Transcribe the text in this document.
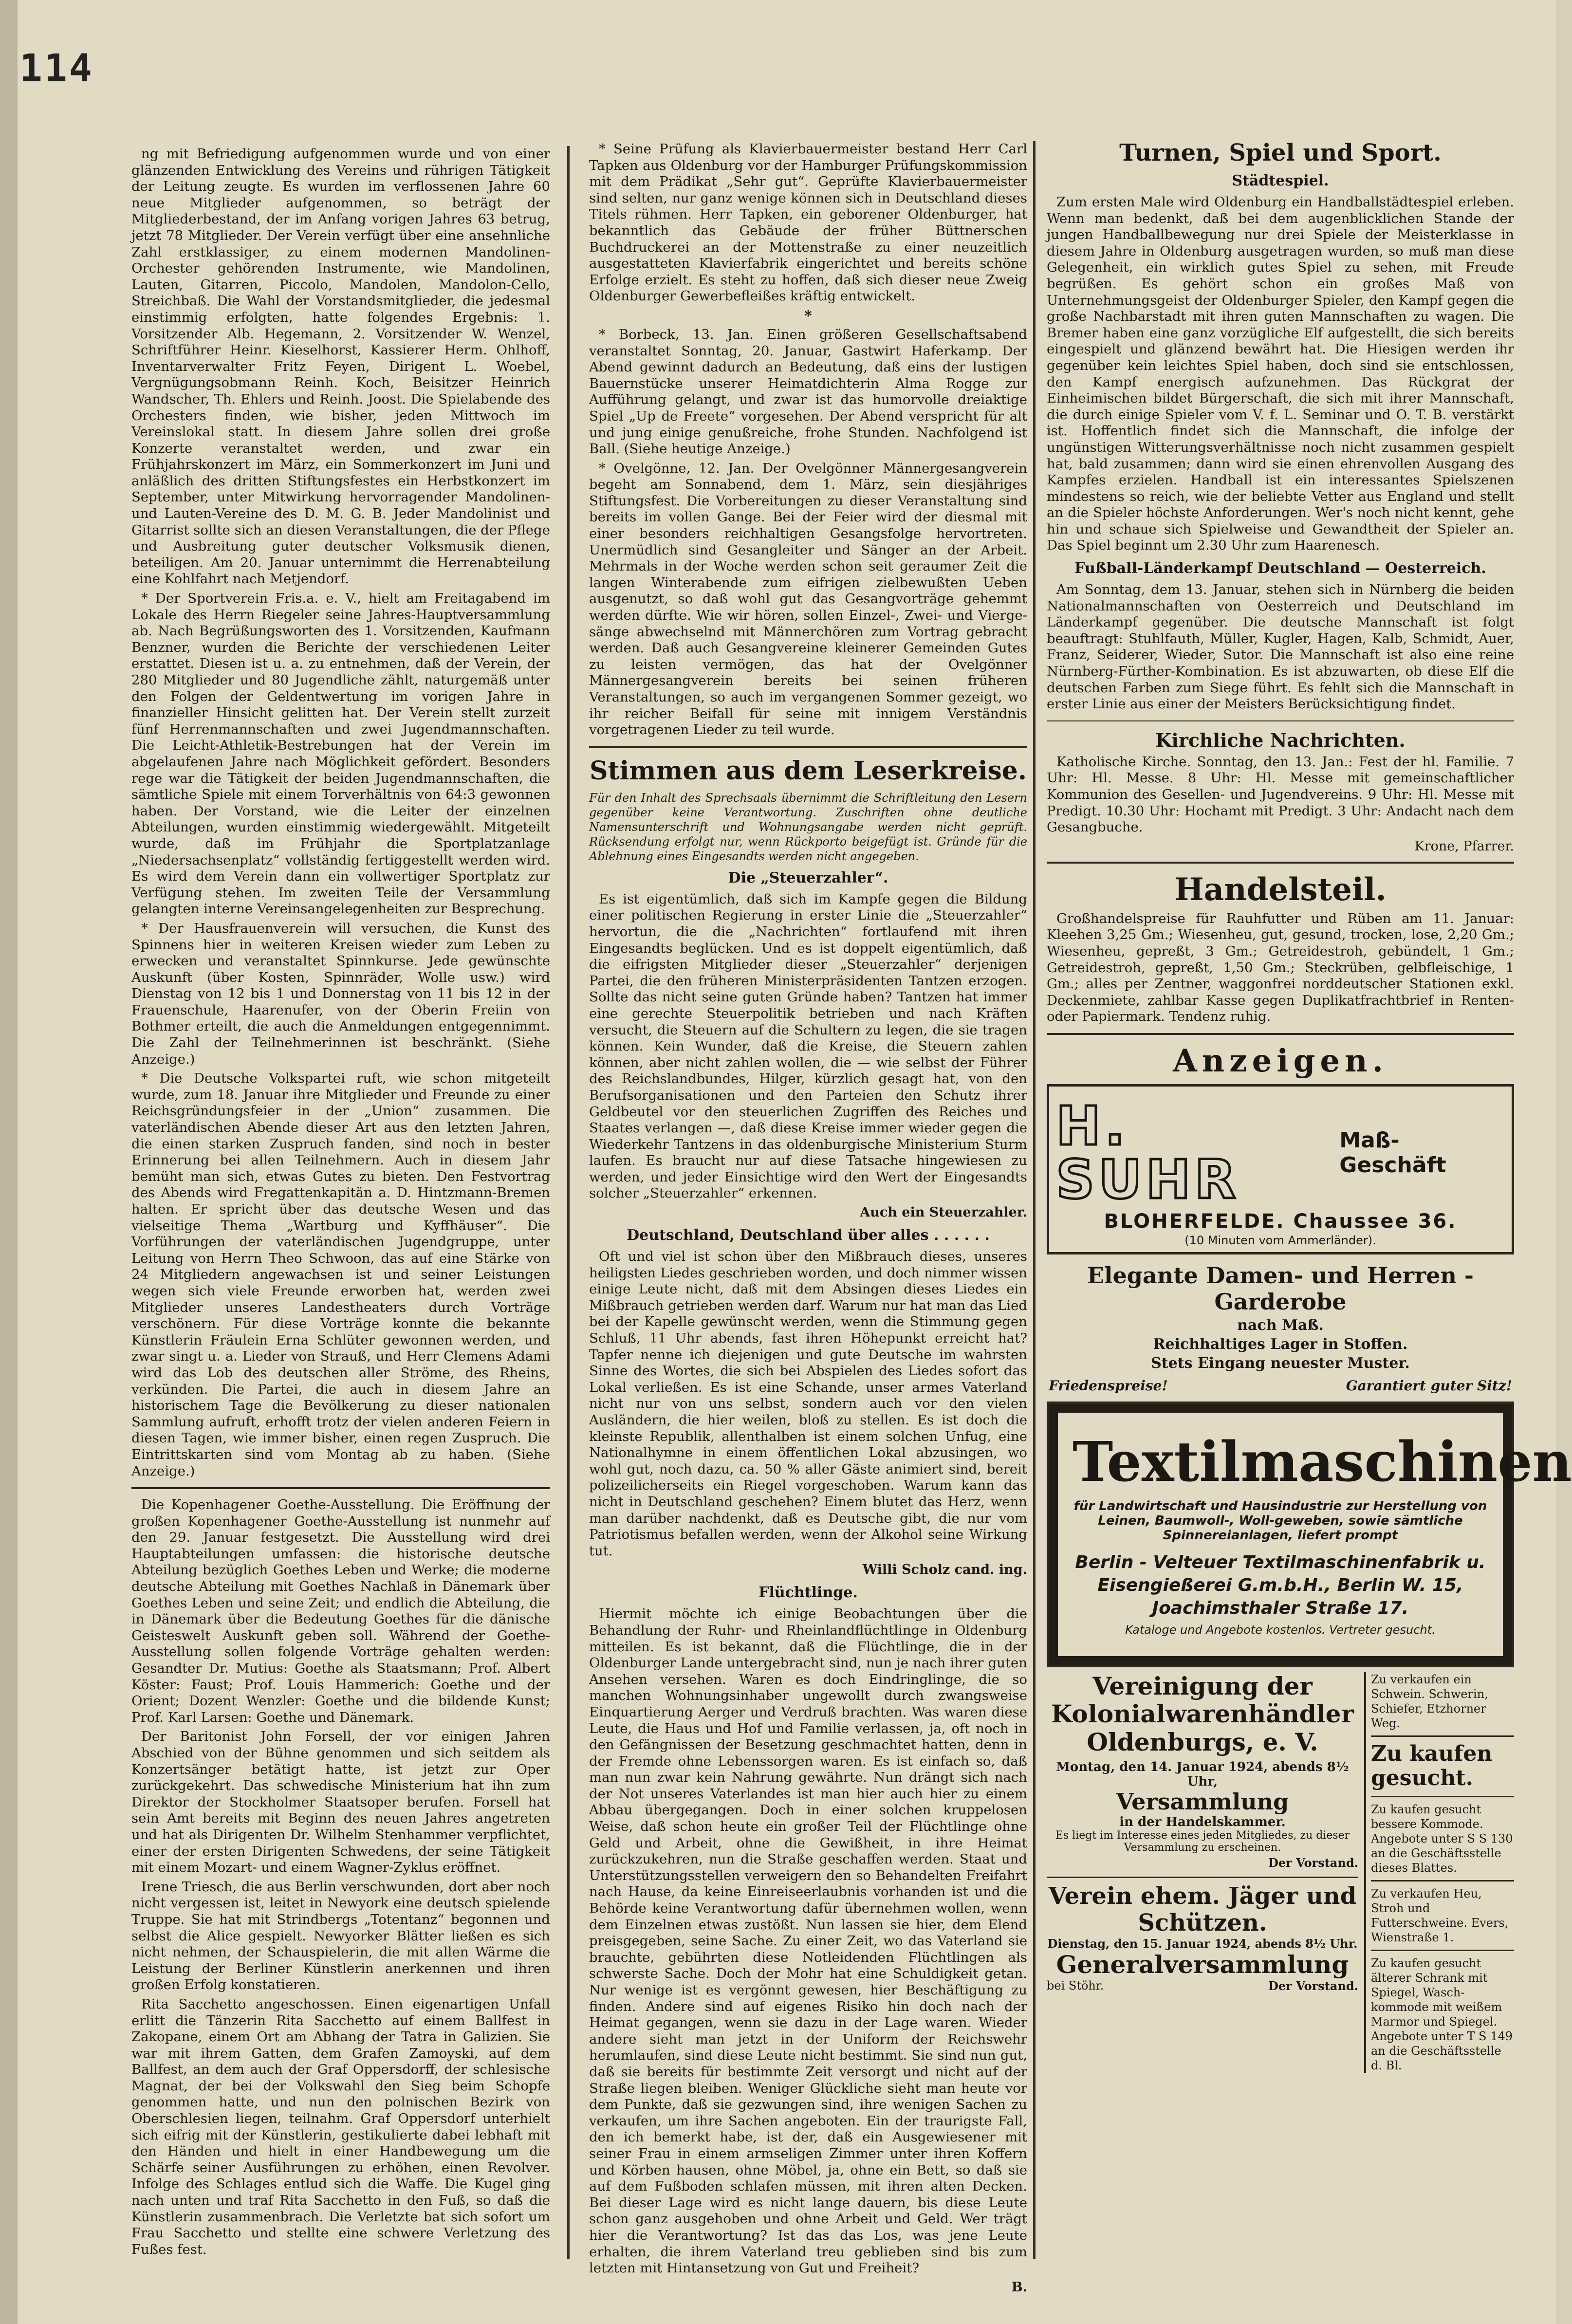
114

ng mit Befriedigung aufgenommen wurde und von einer glänzenden Entwicklung des Vereins und rührigen Tätigkeit der Leitung zeugte. Es wurden im verflossenen Jahre 60 neue Mitglieder aufgenommen, so beträgt der Mitgliederbestand, der im Anfang vorigen Jahres 63 betrug, jetzt 78 Mitglieder. Der Verein verfügt über eine ansehnliche Zahl erstklassiger, zu einem modernen Mandolinen-Orchester gehörenden Instrumente, wie Mandolinen, Lauten, Gitarren, Piccolo, Mandolen, Mandolon-Cello, Streichbaß. Die Wahl der Vorstandsmitglieder, die jedesmal einstimmig erfolgten, hatte folgendes Ergebnis: 1. Vorsitzender Alb. Hegemann, 2. Vorsitzender W. Wenzel, Schriftführer Heinr. Kieselhorst, Kassierer Herm. Ohlhoff, Inventarverwalter Fritz Feyen, Dirigent L. Woebel, Vergnügungsobmann Reinh. Koch, Beisitzer Heinrich Wandscher, Th. Ehlers und Reinh. Joost. Die Spielabende des Orchesters finden, wie bisher, jeden Mittwoch im Vereinslokal statt. In diesem Jahre sollen drei große Konzerte veranstaltet werden, und zwar ein Frühjahrskonzert im März, ein Sommerkonzert im Juni und anläßlich des dritten Stiftungsfestes ein Herbstkonzert im September, unter Mitwirkung hervorragender Mandolinen- und Lauten-Vereine des D. M. G. B. Jeder Mandolinist und Gitarrist sollte sich an diesen Veranstaltungen, die der Pflege und Ausbreitung guter deutscher Volksmusik dienen, beteiligen. Am 20. Januar unternimmt die Herrenabteilung eine Kohlfahrt nach Metjendorf.

* Der Sportverein Fris.a. e. V., hielt am Freitagabend im Lokale des Herrn Riegeler seine Jahres-Hauptversammlung ab. Nach Begrüßungsworten des 1. Vorsitzenden, Kaufmann Benzner, wurden die Berichte der verschiedenen Leiter erstattet. Diesen ist u. a. zu entnehmen, daß der Verein, der 280 Mitglieder und 80 Jugendliche zählt, naturgemäß unter den Folgen der Geldentwertung im vorigen Jahre in finanzieller Hinsicht gelitten hat. Der Verein stellt zurzeit fünf Herrenmannschaften und zwei Jugendmannschaften. Die Leicht-Athletik-Bestrebungen hat der Verein im abgelaufenen Jahre nach Möglichkeit gefördert. Besonders rege war die Tätigkeit der beiden Jugendmannschaften, die sämtliche Spiele mit einem Torverhältnis von 64:3 gewonnen haben. Der Vorstand, wie die Leiter der einzelnen Abteilungen, wurden einstimmig wiedergewählt. Mitgeteilt wurde, daß im Frühjahr die Sportplatzanlage „Niedersachsenplatz“ vollständig fertiggestellt werden wird. Es wird dem Verein dann ein vollwertiger Sportplatz zur Verfügung stehen. Im zweiten Teile der Versammlung gelangten interne Vereinsangelegenheiten zur Besprechung.

* Der Hausfrauenverein will versuchen, die Kunst des Spinnens hier in weiteren Kreisen wieder zum Leben zu erwecken und veranstaltet Spinnkurse. Jede gewünschte Auskunft (über Kosten, Spinnräder, Wolle usw.) wird Dienstag von 12 bis 1 und Donnerstag von 11 bis 12 in der Frauenschule, Haarenufer, von der Oberin Freiin von Bothmer erteilt, die auch die Anmeldungen entgegennimmt. Die Zahl der Teilnehmerinnen ist beschränkt. (Siehe Anzeige.)

* Die Deutsche Volkspartei ruft, wie schon mitgeteilt wurde, zum 18. Januar ihre Mitglieder und Freunde zu einer Reichsgründungsfeier in der „Union“ zusammen. Die vaterländischen Abende dieser Art aus den letzten Jahren, die einen starken Zuspruch fanden, sind noch in bester Erinnerung bei allen Teilnehmern. Auch in diesem Jahr bemüht man sich, etwas Gutes zu bieten. Den Festvortrag des Abends wird Fregattenkapitän a. D. Hintzmann-Bremen halten. Er spricht über das deutsche Wesen und das vielseitige Thema „Wartburg und Kyffhäuser“. Die Vorführungen der vaterländischen Jugendgruppe, unter Leitung von Herrn Theo Schwoon, das auf eine Stärke von 24 Mitgliedern angewachsen ist und seiner Leistungen wegen sich viele Freunde erworben hat, werden zwei Mitglieder unseres Landestheaters durch Vorträge verschönern. Für diese Vorträge konnte die bekannte Künstlerin Fräulein Erna Schlüter gewonnen werden, und zwar singt u. a. Lieder von Strauß, und Herr Clemens Adami wird das Lob des deutschen aller Ströme, des Rheins, verkünden. Die Partei, die auch in diesem Jahre an historischem Tage die Bevölkerung zu dieser nationalen Sammlung aufruft, erhofft trotz der vielen anderen Feiern in diesen Tagen, wie immer bisher, einen regen Zuspruch. Die Eintrittskarten sind vom Montag ab zu haben. (Siehe Anzeige.)

Die Kopenhagener Goethe-Ausstellung. Die Eröffnung der großen Kopenhagener Goethe-Ausstellung ist nunmehr auf den 29. Januar festgesetzt. Die Ausstellung wird drei Hauptabteilungen umfassen: die historische deutsche Abteilung bezüglich Goethes Leben und Werke; die moderne deutsche Abteilung mit Goethes Nachlaß in Dänemark über Goethes Leben und seine Zeit; und endlich die Abteilung, die in Dänemark über die Bedeutung Goethes für die dänische Geisteswelt Auskunft geben soll. Während der Goethe-Ausstellung sollen folgende Vorträge gehalten werden: Gesandter Dr. Mutius: Goethe als Staatsmann; Prof. Albert Köster: Faust; Prof. Louis Hammerich: Goethe und der Orient; Dozent Wenzler: Goethe und die bildende Kunst; Prof. Karl Larsen: Goethe und Dänemark.

Der Baritonist John Forsell, der vor einigen Jahren Abschied von der Bühne genommen und sich seitdem als Konzertsänger betätigt hatte, ist jetzt zur Oper zurückgekehrt. Das schwedische Ministerium hat ihn zum Direktor der Stockholmer Staatsoper berufen. Forsell hat sein Amt bereits mit Beginn des neuen Jahres angetreten und hat als Dirigenten Dr. Wilhelm Stenhammer verpflichtet, einer der ersten Dirigenten Schwedens, der seine Tätigkeit mit einem Mozart- und einem Wagner-Zyklus eröffnet.

Irene Triesch, die aus Berlin verschwunden, dort aber noch nicht vergessen ist, leitet in Newyork eine deutsch spielende Truppe. Sie hat mit Strindbergs „Totentanz“ begonnen und selbst die Alice gespielt. Newyorker Blätter ließen es sich nicht nehmen, der Schauspielerin, die mit allen Wärme die Leistung der Berliner Künstlerin anerkennen und ihren großen Erfolg konstatieren.

Rita Sacchetto angeschossen. Einen eigenartigen Unfall erlitt die Tänzerin Rita Sacchetto auf einem Ballfest in Zakopane, einem Ort am Abhang der Tatra in Galizien. Sie war mit ihrem Gatten, dem Grafen Zamoyski, auf dem Ballfest, an dem auch der Graf Oppersdorff, der schlesische Magnat, der bei der Volkswahl den Sieg beim Schopfe genommen hatte, und nun den polnischen Bezirk von Oberschlesien liegen, teilnahm. Graf Oppersdorf unterhielt sich eifrig mit der Künstlerin, gestikulierte dabei lebhaft mit den Händen und hielt in einer Handbewegung um die Schärfe seiner Ausführungen zu erhöhen, einen Revolver. Infolge des Schlages entlud sich die Waffe. Die Kugel ging nach unten und traf Rita Sacchetto in den Fuß, so daß die Künstlerin zusammenbrach. Die Verletzte bat sich sofort um Frau Sacchetto und stellte eine schwere Verletzung des Fußes fest.

* Seine Prüfung als Klavierbauermeister bestand Herr Carl Tapken aus Oldenburg vor der Hamburger Prüfungskommission mit dem Prädikat „Sehr gut“. Geprüfte Klavierbauermeister sind selten, nur ganz wenige können sich in Deutschland dieses Titels rühmen. Herr Tapken, ein geborener Oldenburger, hat bekanntlich das Gebäude der früher Büttnerschen Buchdruckerei an der Mottenstraße zu einer neuzeitlich ausgestatteten Klavierfabrik eingerichtet und bereits schöne Erfolge erzielt. Es steht zu hoffen, daß sich dieser neue Zweig Oldenburger Gewerbefleißes kräftig entwickelt.

*

* Borbeck, 13. Jan. Einen größeren Gesellschaftsabend veranstaltet Sonntag, 20. Januar, Gastwirt Haferkamp. Der Abend gewinnt dadurch an Bedeutung, daß eins der lustigen Bauernstücke unserer Heimatdichterin Alma Rogge zur Aufführung gelangt, und zwar ist das humorvolle dreiaktige Spiel „Up de Freete“ vorgesehen. Der Abend verspricht für alt und jung einige genußreiche, frohe Stunden. Nachfolgend ist Ball. (Siehe heutige Anzeige.)

* Ovelgönne, 12. Jan. Der Ovelgönner Männergesangverein begeht am Sonnabend, dem 1. März, sein diesjähriges Stiftungsfest. Die Vorbereitungen zu dieser Veranstaltung sind bereits im vollen Gange. Bei der Feier wird der diesmal mit einer besonders reichhaltigen Gesangsfolge hervortreten. Unermüdlich sind Gesangleiter und Sänger an der Arbeit. Mehrmals in der Woche werden schon seit geraumer Zeit die langen Winterabende zum eifrigen zielbewußten Ueben ausgenutzt, so daß wohl gut das Gesangvorträge gehemmt werden dürfte. Wie wir hören, sollen Einzel-, Zwei- und Vierge-sänge abwechselnd mit Männerchören zum Vortrag gebracht werden. Daß auch Gesangvereine kleinerer Gemeinden Gutes zu leisten vermögen, das hat der Ovelgönner Männergesangverein bereits bei seinen früheren Veranstaltungen, so auch im vergangenen Sommer gezeigt, wo ihr reicher Beifall für seine mit innigem Verständnis vorgetragenen Lieder zu teil wurde.

Stimmen aus dem Leserkreise.

Für den Inhalt des Sprechsaals übernimmt die Schriftleitung den Lesern gegenüber keine Verantwortung. Zuschriften ohne deutliche Namensunterschrift und Wohnungsangabe werden nicht geprüft. Rücksendung erfolgt nur, wenn Rückporto beigefügt ist. Gründe für die Ablehnung eines Eingesandts werden nicht angegeben.

Die „Steuerzahler“.

Es ist eigentümlich, daß sich im Kampfe gegen die Bildung einer politischen Regierung in erster Linie die „Steuerzahler“ hervortun, die die „Nachrichten“ fortlaufend mit ihren Eingesandts beglücken. Und es ist doppelt eigentümlich, daß die eifrigsten Mitglieder dieser „Steuerzahler“ derjenigen Partei, die den früheren Ministerpräsidenten Tantzen erzogen. Sollte das nicht seine guten Gründe haben? Tantzen hat immer eine gerechte Steuerpolitik betrieben und nach Kräften versucht, die Steuern auf die Schultern zu legen, die sie tragen können. Kein Wunder, daß die Kreise, die Steuern zahlen können, aber nicht zahlen wollen, die — wie selbst der Führer des Reichslandbundes, Hilger, kürzlich gesagt hat, von den Berufsorganisationen und den Parteien den Schutz ihrer Geldbeutel vor den steuerlichen Zugriffen des Reiches und Staates verlangen —, daß diese Kreise immer wieder gegen die Wiederkehr Tantzens in das oldenburgische Ministerium Sturm laufen. Es braucht nur auf diese Tatsache hingewiesen zu werden, und jeder Einsichtige wird den Wert der Eingesandts solcher „Steuerzahler“ erkennen.

Auch ein Steuerzahler.
Deutschland, Deutschland über alles . . . . . .

Oft und viel ist schon über den Mißbrauch dieses, unseres heiligsten Liedes geschrieben worden, und doch nimmer wissen einige Leute nicht, daß mit dem Absingen dieses Liedes ein Mißbrauch getrieben werden darf. Warum nur hat man das Lied bei der Kapelle gewünscht werden, wenn die Stimmung gegen Schluß, 11 Uhr abends, fast ihren Höhepunkt erreicht hat? Tapfer nenne ich diejenigen und gute Deutsche im wahrsten Sinne des Wortes, die sich bei Abspielen des Liedes sofort das Lokal verließen. Es ist eine Schande, unser armes Vaterland nicht nur von uns selbst, sondern auch vor den vielen Ausländern, die hier weilen, bloß zu stellen. Es ist doch die kleinste Republik, allenthalben ist einem solchen Unfug, eine Nationalhymne in einem öffentlichen Lokal abzusingen, wo wohl gut, noch dazu, ca. 50 % aller Gäste animiert sind, bereit polizeilicherseits ein Riegel vorgeschoben. Warum kann das nicht in Deutschland geschehen? Einem blutet das Herz, wenn man darüber nachdenkt, daß es Deutsche gibt, die nur vom Patriotismus befallen werden, wenn der Alkohol seine Wirkung tut.

Willi Scholz cand. ing.
Flüchtlinge.

Hiermit möchte ich einige Beobachtungen über die Behandlung der Ruhr- und Rheinlandflüchtlinge in Oldenburg mitteilen. Es ist bekannt, daß die Flüchtlinge, die in der Oldenburger Lande untergebracht sind, nun je nach ihrer guten Ansehen versehen. Waren es doch Eindringlinge, die so manchen Wohnungsinhaber ungewollt durch zwangsweise Einquartierung Aerger und Verdruß brachten. Was waren diese Leute, die Haus und Hof und Familie verlassen, ja, oft noch in den Gefängnissen der Besetzung geschmachtet hatten, denn in der Fremde ohne Lebenssorgen waren. Es ist einfach so, daß man nun zwar kein Nahrung gewährte. Nun drängt sich nach der Not unseres Vaterlandes ist man hier auch hier zu einem Abbau übergegangen. Doch in einer solchen kruppelosen Weise, daß schon heute ein großer Teil der Flüchtlinge ohne Geld und Arbeit, ohne die Gewißheit, in ihre Heimat zurückzukehren, nun die Straße geschaffen werden. Staat und Unterstützungsstellen verweigern den so Behandelten Freifahrt nach Hause, da keine Einreiseerlaubnis vorhanden ist und die Behörde keine Verantwortung dafür übernehmen wollen, wenn dem Einzelnen etwas zustößt. Nun lassen sie hier, dem Elend preisgegeben, seine Sache. Zu einer Zeit, wo das Vaterland sie brauchte, gebührten diese Notleidenden Flüchtlingen als schwerste Sache. Doch der Mohr hat eine Schuldigkeit getan. Nur wenige ist es vergönnt gewesen, hier Beschäftigung zu finden. Andere sind auf eigenes Risiko hin doch nach der Heimat gegangen, wenn sie dazu in der Lage waren. Wieder andere sieht man jetzt in der Uniform der Reichswehr herumlaufen, sind diese Leute nicht bestimmt. Sie sind nun gut, daß sie bereits für bestimmte Zeit versorgt und nicht auf der Straße liegen bleiben. Weniger Glückliche sieht man heute vor dem Punkte, daß sie gezwungen sind, ihre wenigen Sachen zu verkaufen, um ihre Sachen angeboten. Ein der traurigste Fall, den ich bemerkt habe, ist der, daß ein Ausgewiesener mit seiner Frau in einem armseligen Zimmer unter ihren Koffern und Körben hausen, ohne Möbel, ja, ohne ein Bett, so daß sie auf dem Fußboden schlafen müssen, mit ihren alten Decken. Bei dieser Lage wird es nicht lange dauern, bis diese Leute schon ganz ausgehoben und ohne Arbeit und Geld. Wer trägt hier die Verantwortung? Ist das das Los, was jene Leute erhalten, die ihrem Vaterland treu geblieben sind bis zum letzten mit Hintansetzung von Gut und Freiheit?

B.
Turnen, Spiel und Sport.
Städtespiel.

Zum ersten Male wird Oldenburg ein Handballstädtespiel erleben. Wenn man bedenkt, daß bei dem augenblicklichen Stande der jungen Handballbewegung nur drei Spiele der Meisterklasse in diesem Jahre in Oldenburg ausgetragen wurden, so muß man diese Gelegenheit, ein wirklich gutes Spiel zu sehen, mit Freude begrüßen. Es gehört schon ein großes Maß von Unternehmungsgeist der Oldenburger Spieler, den Kampf gegen die große Nachbarstadt mit ihren guten Mannschaften zu wagen. Die Bremer haben eine ganz vorzügliche Elf aufgestellt, die sich bereits eingespielt und glänzend bewährt hat. Die Hiesigen werden ihr gegenüber kein leichtes Spiel haben, doch sind sie entschlossen, den Kampf energisch aufzunehmen. Das Rückgrat der Einheimischen bildet Bürgerschaft, die sich mit ihrer Mannschaft, die durch einige Spieler vom V. f. L. Seminar und O. T. B. verstärkt ist. Hoffentlich findet sich die Mannschaft, die infolge der ungünstigen Witterungsverhältnisse noch nicht zusammen gespielt hat, bald zusammen; dann wird sie einen ehrenvollen Ausgang des Kampfes erzielen. Handball ist ein interessantes Spielszenen mindestens so reich, wie der beliebte Vetter aus England und stellt an die Spieler höchste Anforderungen. Wer's noch nicht kennt, gehe hin und schaue sich Spielweise und Gewandtheit der Spieler an. Das Spiel beginnt um 2.30 Uhr zum Haarenesch.

Fußball-Länderkampf Deutschland — Oesterreich.

Am Sonntag, dem 13. Januar, stehen sich in Nürnberg die beiden Nationalmannschaften von Oesterreich und Deutschland im Länderkampf gegenüber. Die deutsche Mannschaft ist folgt beauftragt: Stuhlfauth, Müller, Kugler, Hagen, Kalb, Schmidt, Auer, Franz, Seiderer, Wieder, Sutor. Die Mannschaft ist also eine reine Nürnberg-Fürther-Kombination. Es ist abzuwarten, ob diese Elf die deutschen Farben zum Siege führt. Es fehlt sich die Mannschaft in erster Linie aus einer der Meisters Berücksichtigung findet.

Kirchliche Nachrichten.

Katholische Kirche. Sonntag, den 13. Jan.: Fest der hl. Familie. 7 Uhr: Hl. Messe. 8 Uhr: Hl. Messe mit gemeinschaftlicher Kommunion des Gesellen- und Jugendvereins. 9 Uhr: Hl. Messe mit Predigt. 10.30 Uhr: Hochamt mit Predigt. 3 Uhr: Andacht nach dem Gesangbuche.

Krone, Pfarrer.
Handelsteil.

Großhandelspreise für Rauhfutter und Rüben am 11. Januar: Kleehen 3,25 Gm.; Wiesenheu, gut, gesund, trocken, lose, 2,20 Gm.; Wiesenheu, gepreßt, 3 Gm.; Getreidestroh, gebündelt, 1 Gm.; Getreidestroh, gepreßt, 1,50 Gm.; Steckrüben, gelbfleischige, 1 Gm.; alles per Zentner, waggonfrei norddeutscher Stationen exkl. Deckenmiete, zahlbar Kasse gegen Duplikatfrachtbrief in Renten- oder Papiermark. Tendenz ruhig.

Anzeigen.
H. SUHR
Maß-Geschäft
BLOHERFELDE. Chaussee 36.
(10 Minuten vom Ammerländer).
Elegante Damen- und Herren - Garderobe
nach Maß.
Reichhaltiges Lager in Stoffen.
Stets Eingang neuester Muster.
Friedenspreise!	Garantiert guter Sitz!
Textilmaschinen
für Landwirtschaft und Hausindustrie zur Herstellung von Leinen, Baumwoll-, Woll-geweben, sowie sämtliche Spinnereianlagen, liefert prompt
Berlin - Velteuer Textilmaschinenfabrik u. Eisengießerei G.m.b.H., Berlin W. 15, Joachimsthaler Straße 17.
Kataloge und Angebote kostenlos. Vertreter gesucht.
Vereinigung der Kolonialwarenhändler Oldenburgs, e. V.
Montag, den 14. Januar 1924, abends 8½ Uhr,
Versammlung
in der Handelskammer.
Es liegt im Interesse eines jeden Mitgliedes, zu dieser Versammlung zu erscheinen.
Der Vorstand.
Verein ehem. Jäger und Schützen.
Dienstag, den 15. Januar 1924, abends 8½ Uhr.
Generalversammlung
bei Stöhr.	Der Vorstand.
Zu verkaufen ein Schwein. Schwerin, Schiefer, Etzhorner Weg.
Zu kaufen gesucht.
Zu kaufen gesucht bessere Kommode. Angebote unter S S 130 an die Geschäftsstelle dieses Blattes.
Zu verkaufen Heu, Stroh und Futterschweine. Evers, Wienstraße 1.
Zu kaufen gesucht älterer Schrank mit Spiegel, Wasch-kommode mit weißem Marmor und Spiegel. Angebote unter T S 149 an die Geschäftsstelle d. Bl.
